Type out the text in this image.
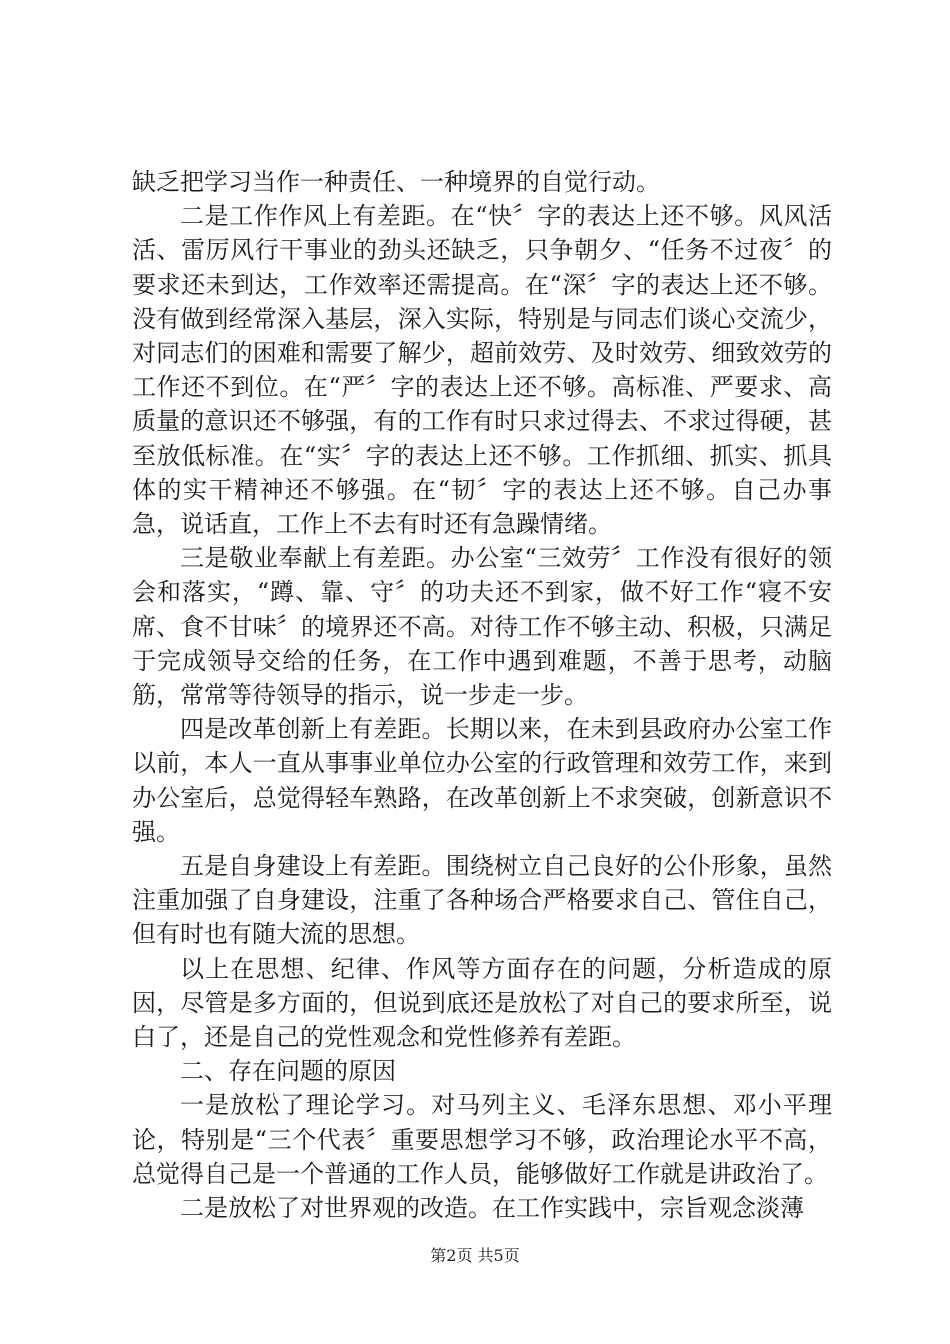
缺乏把学习当作一种责任、一种境界的自觉行动。

二是工作作风上有差距。在“快〞字的表达上还不够。风风活活、雷厉风行干事业的劲头还缺乏，只争朝夕、“任务不过夜〞的要求还未到达，工作效率还需提高。在“深〞字的表达上还不够。没有做到经常深入基层，深入实际，特别是与同志们谈心交流少，对同志们的困难和需要了解少，超前效劳、及时效劳、细致效劳的工作还不到位。在“严〞字的表达上还不够。高标准、严要求、高质量的意识还不够强，有的工作有时只求过得去、不求过得硬，甚至放低标准。在“实〞字的表达上还不够。工作抓细、抓实、抓具体的实干精神还不够强。在“韧〞字的表达上还不够。自己办事急，说话直，工作上不去有时还有急躁情绪。

三是敬业奉献上有差距。办公室“三效劳〞工作没有很好的领会和落实，“蹲、靠、守〞的功夫还不到家，做不好工作“寝不安席、食不甘味〞的境界还不高。对待工作不够主动、积极，只满足于完成领导交给的任务，在工作中遇到难题，不善于思考，动脑筋，常常等待领导的指示，说一步走一步。

四是改革创新上有差距。长期以来，在未到县政府办公室工作以前，本人一直从事事业单位办公室的行政管理和效劳工作，来到办公室后，总觉得轻车熟路，在改革创新上不求突破，创新意识不强。

五是自身建设上有差距。围绕树立自己良好的公仆形象，虽然注重加强了自身建设，注重了各种场合严格要求自己、管住自己，但有时也有随大流的思想。

以上在思想、纪律、作风等方面存在的问题，分析造成的原因，尽管是多方面的，但说到底还是放松了对自己的要求所至，说白了，还是自己的党性观念和党性修养有差距。

二、存在问题的原因

一是放松了理论学习。对马列主义、毛泽东思想、邓小平理论，特别是“三个代表〞重要思想学习不够，政治理论水平不高，总觉得自己是一个普通的工作人员，能够做好工作就是讲政治了。

二是放松了对世界观的改造。在工作实践中，宗旨观念淡薄

第2页 共5页
